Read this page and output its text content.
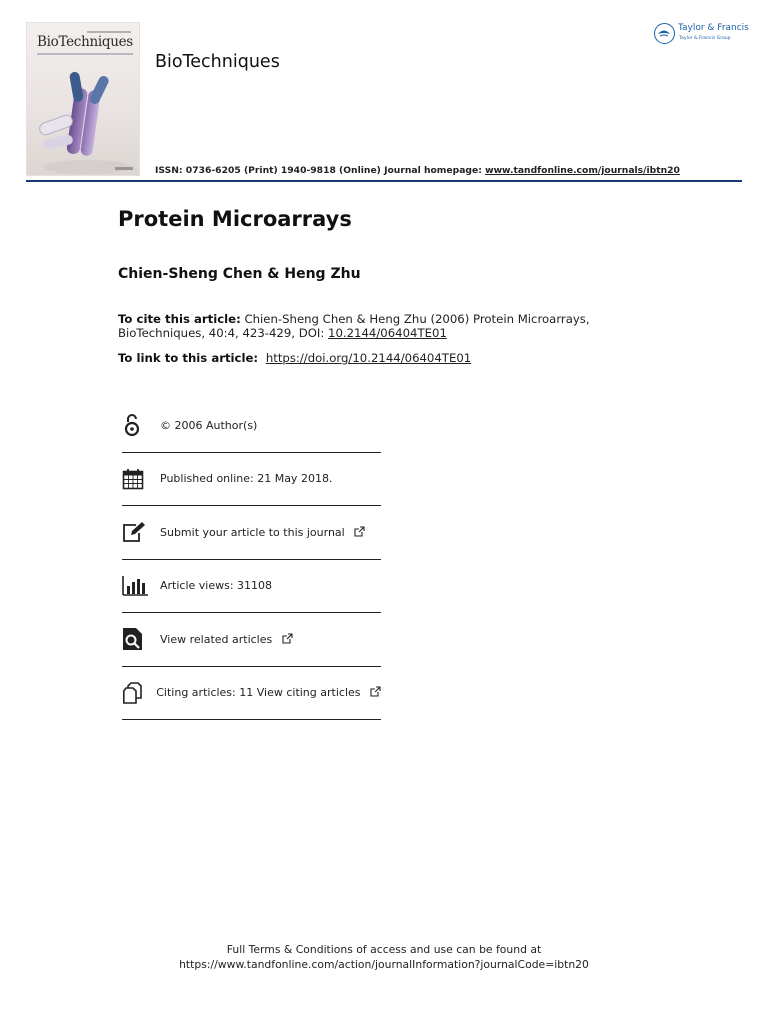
BioTechniques
BioTechniques
ISSN: 0736-6205 (Print) 1940-9818 (Online) Journal homepage: www.tandfonline.com/journals/ibtn20
Taylor & Francis
Taylor & Francis Group
Protein Microarrays
Chien-Sheng Chen & Heng Zhu
To cite this article: Chien-Sheng Chen & Heng Zhu (2006) Protein Microarrays, BioTechniques, 40:4, 423-429, DOI: 10.2144/06404TE01
To link to this article: https://doi.org/10.2144/06404TE01
© 2006 Author(s)
Published online: 21 May 2018.
Submit your article to this journal
Article views: 31108
View related articles
Citing articles: 11 View citing articles
Full Terms & Conditions of access and use can be found at
https://www.tandfonline.com/action/journalInformation?journalCode=ibtn20
